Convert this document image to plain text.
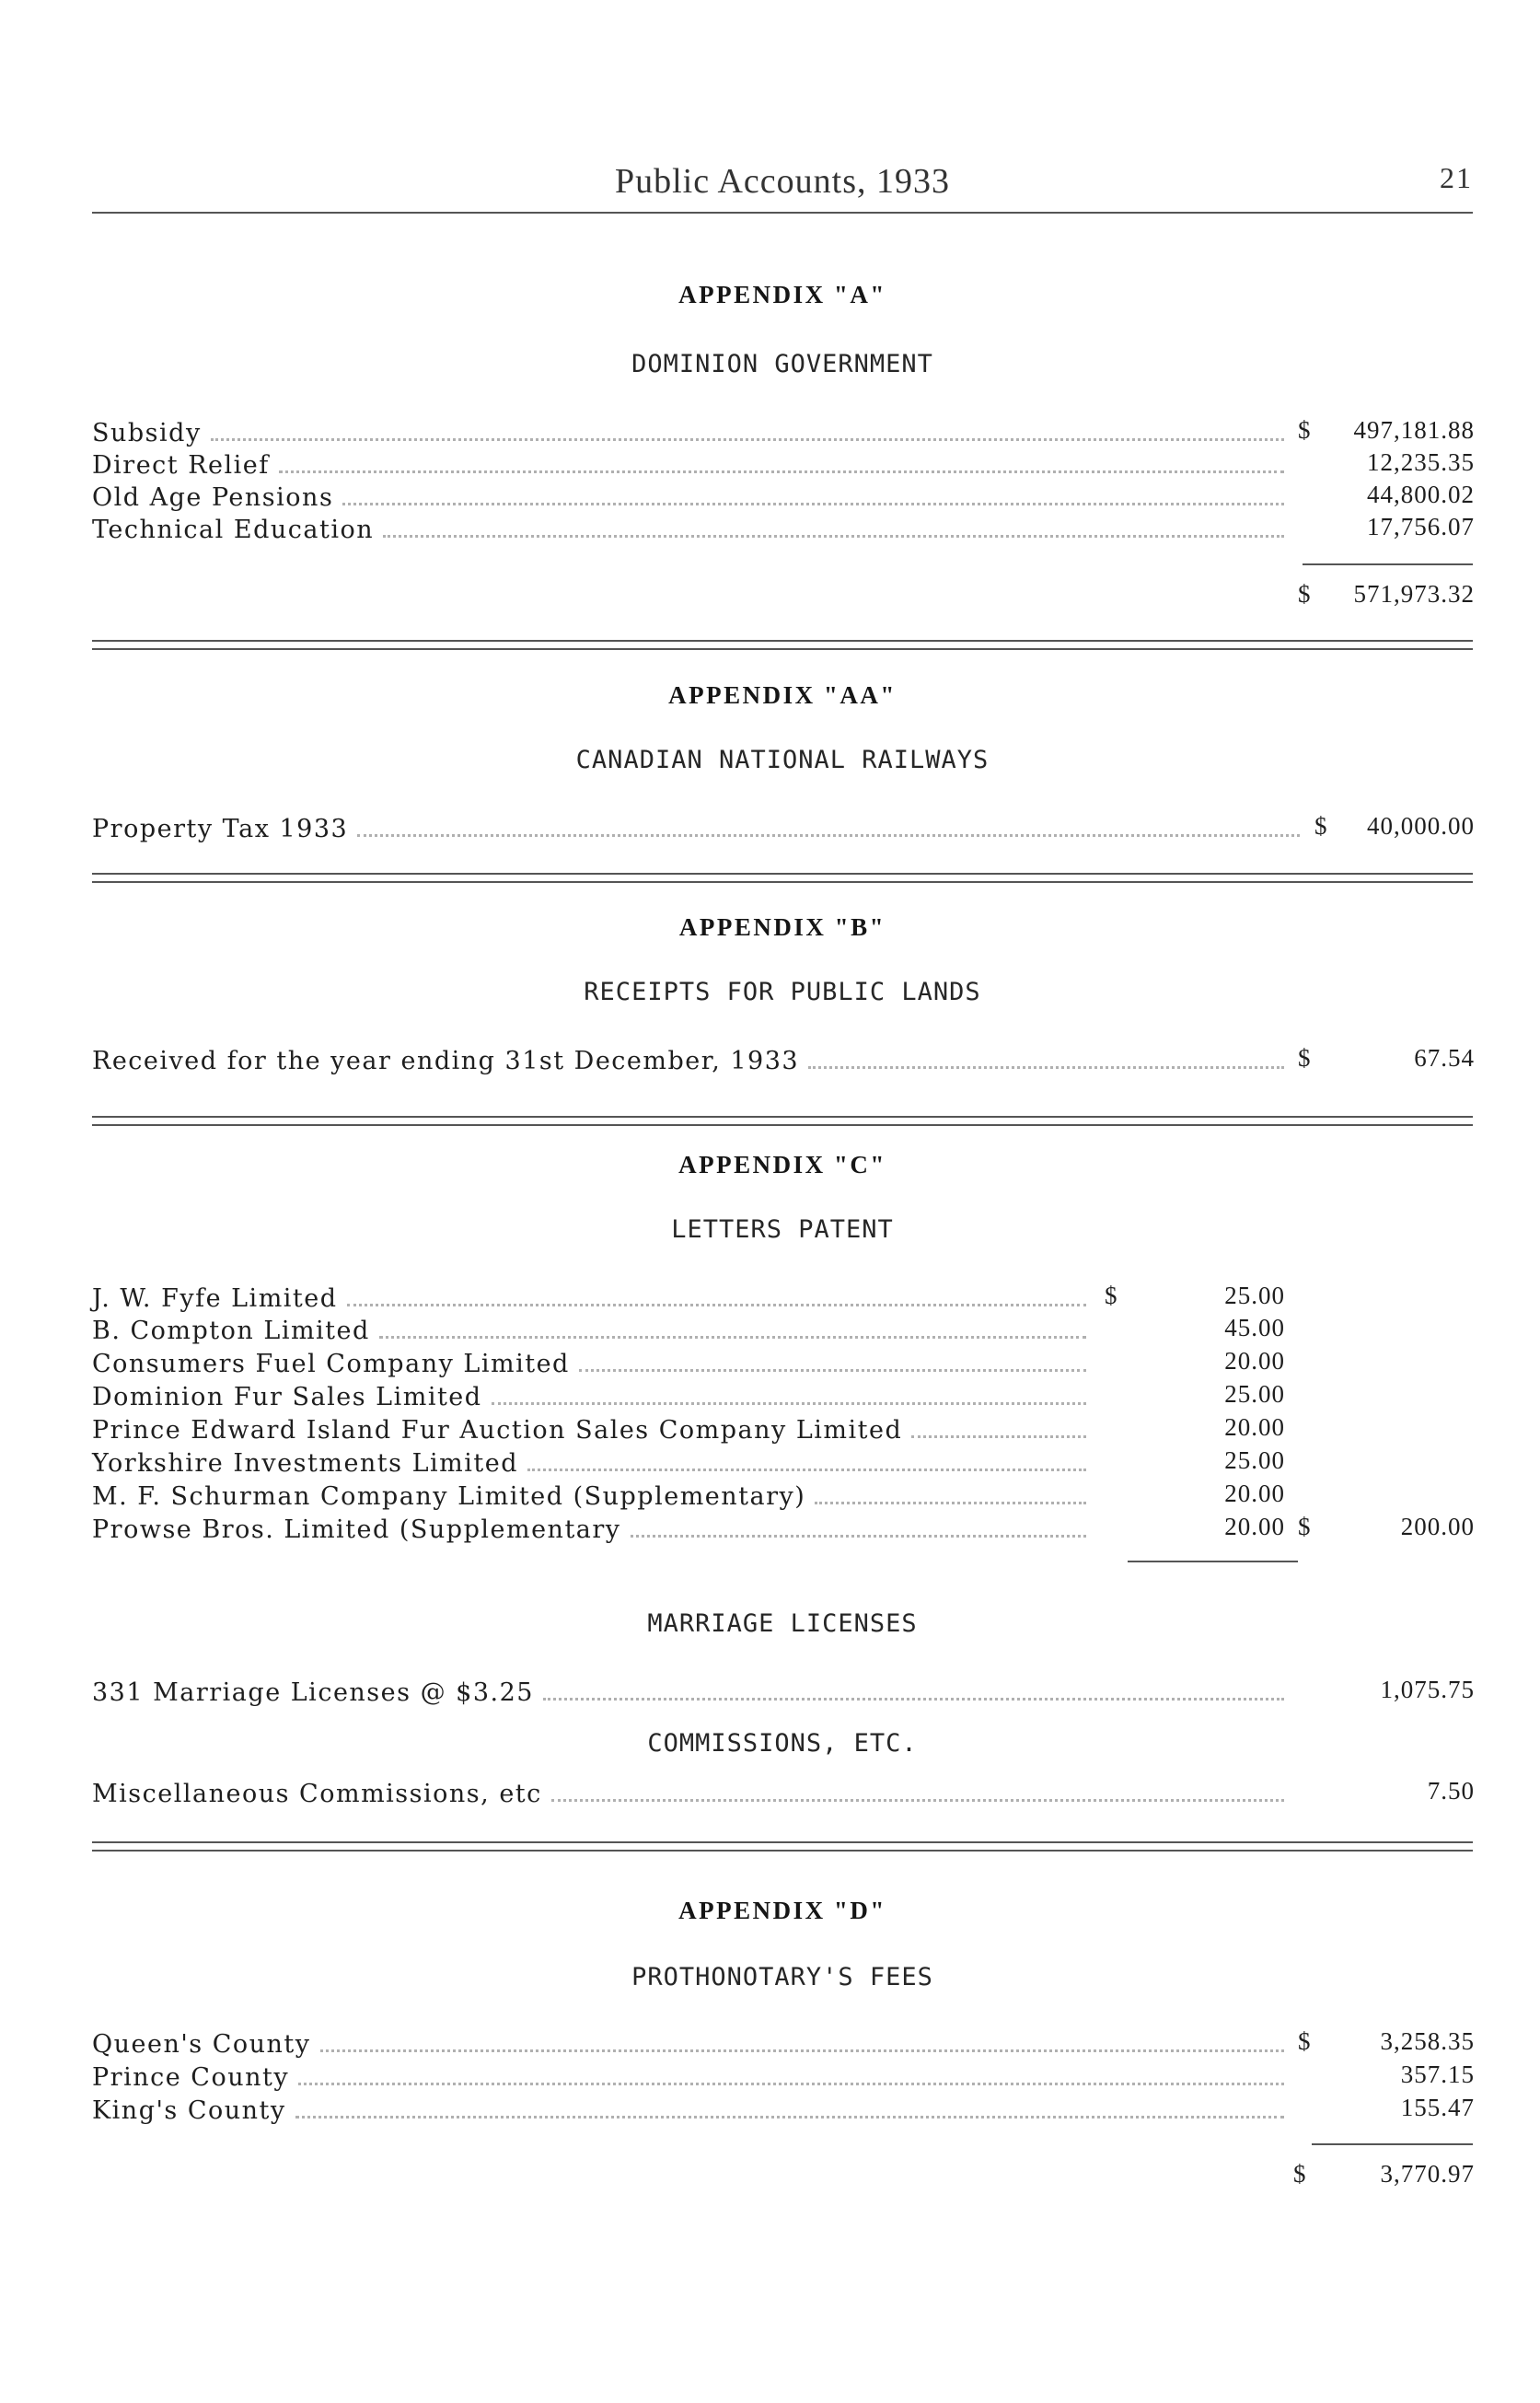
Public Accounts, 1933	21
APPENDIX "A"
DOMINION GOVERNMENT
Subsidy	$ 497,181.88
Direct Relief	12,235.35
Old Age Pensions	44,800.02
Technical Education	17,756.07
$ 571,973.32
APPENDIX "AA"
CANADIAN NATIONAL RAILWAYS
Property Tax 1933	$ 40,000.00
APPENDIX "B"
RECEIPTS FOR PUBLIC LANDS
Received for the year ending 31st December, 1933	$	67.54
APPENDIX "C"
LETTERS PATENT
J. W. Fyfe Limited	$	25.00
B. Compton Limited	45.00
Consumers Fuel Company Limited	20.00
Dominion Fur Sales Limited	25.00
Prince Edward Island Fur Auction Sales Company Limited	20.00
Yorkshire Investments Limited	25.00
M. F. Schurman Company Limited (Supplementary)	20.00
Prowse Bros. Limited (Supplementary	20.00 $	200.00
MARRIAGE LICENSES
331 Marriage Licenses @ $3.25	1,075.75
COMMISSIONS, ETC.
Miscellaneous Commissions, etc	7.50
APPENDIX "D"
PROTHONOTARY'S FEES
Queen's County	$	3,258.35
Prince County	357.15
King's County	155.47
$	3,770.97
